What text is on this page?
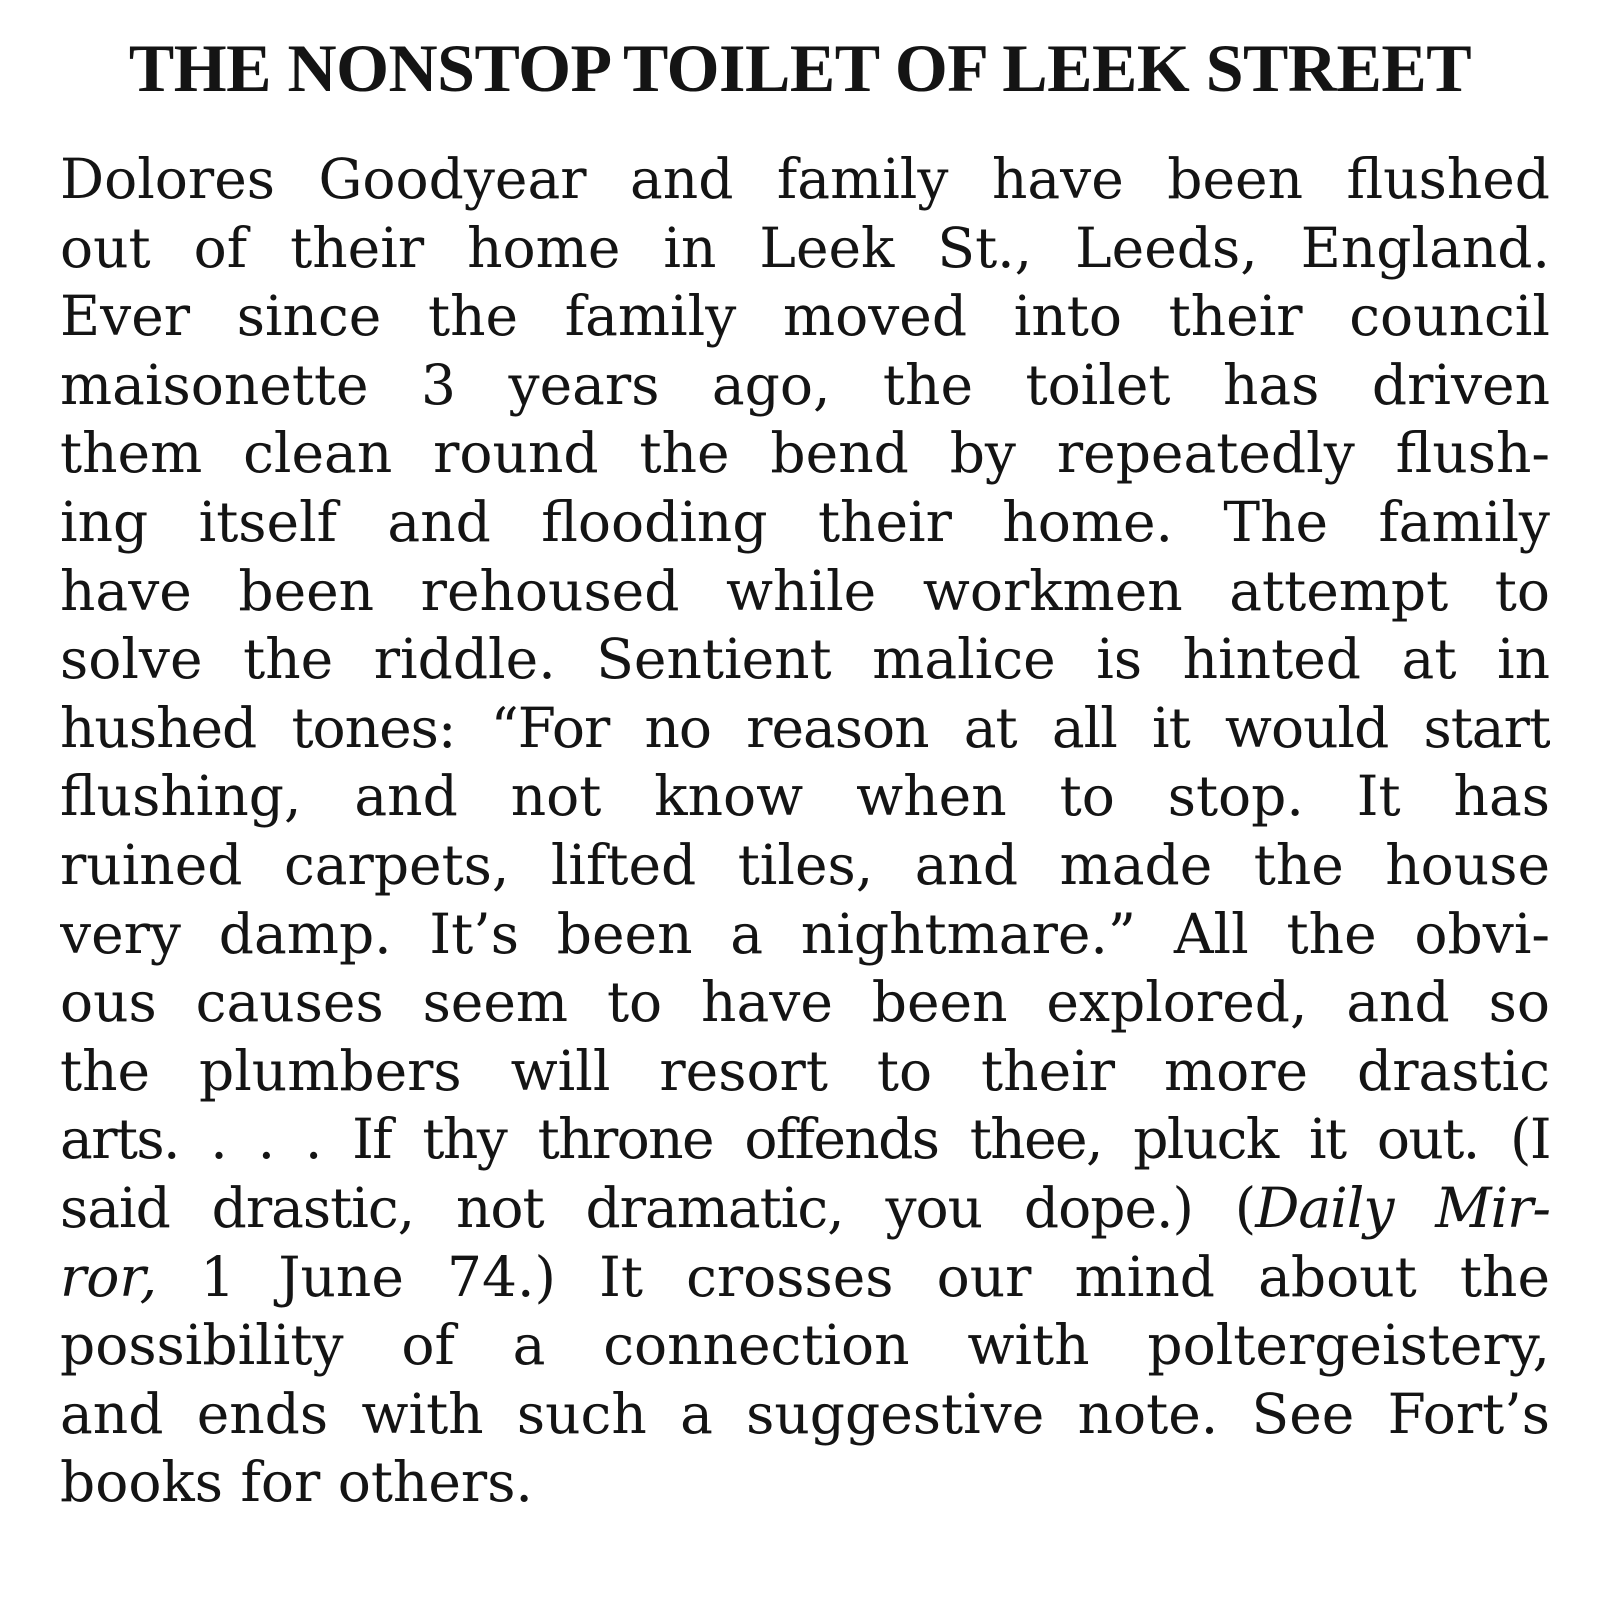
THE NONSTOP TOILET OF LEEK STREET
Dolores Goodyear and family have been flushed
out of their home in Leek St., Leeds, England.
Ever since the family moved into their council
maisonette 3 years ago, the toilet has driven
them clean round the bend by repeatedly flush-
ing itself and flooding their home. The family
have been rehoused while workmen attempt to
solve the riddle. Sentient malice is hinted at in
hushed tones: “For no reason at all it would start
flushing, and not know when to stop. It has
ruined carpets, lifted tiles, and made the house
very damp. It’s been a nightmare.” All the obvi-
ous causes seem to have been explored, and so
the plumbers will resort to their more drastic
arts. . . . If thy throne offends thee, pluck it out. (I
said drastic, not dramatic, you dope.) (Daily Mir-
ror, 1 June 74.) It crosses our mind about the
possibility of a connection with poltergeistery,
and ends with such a suggestive note. See Fort’s
books for others.
